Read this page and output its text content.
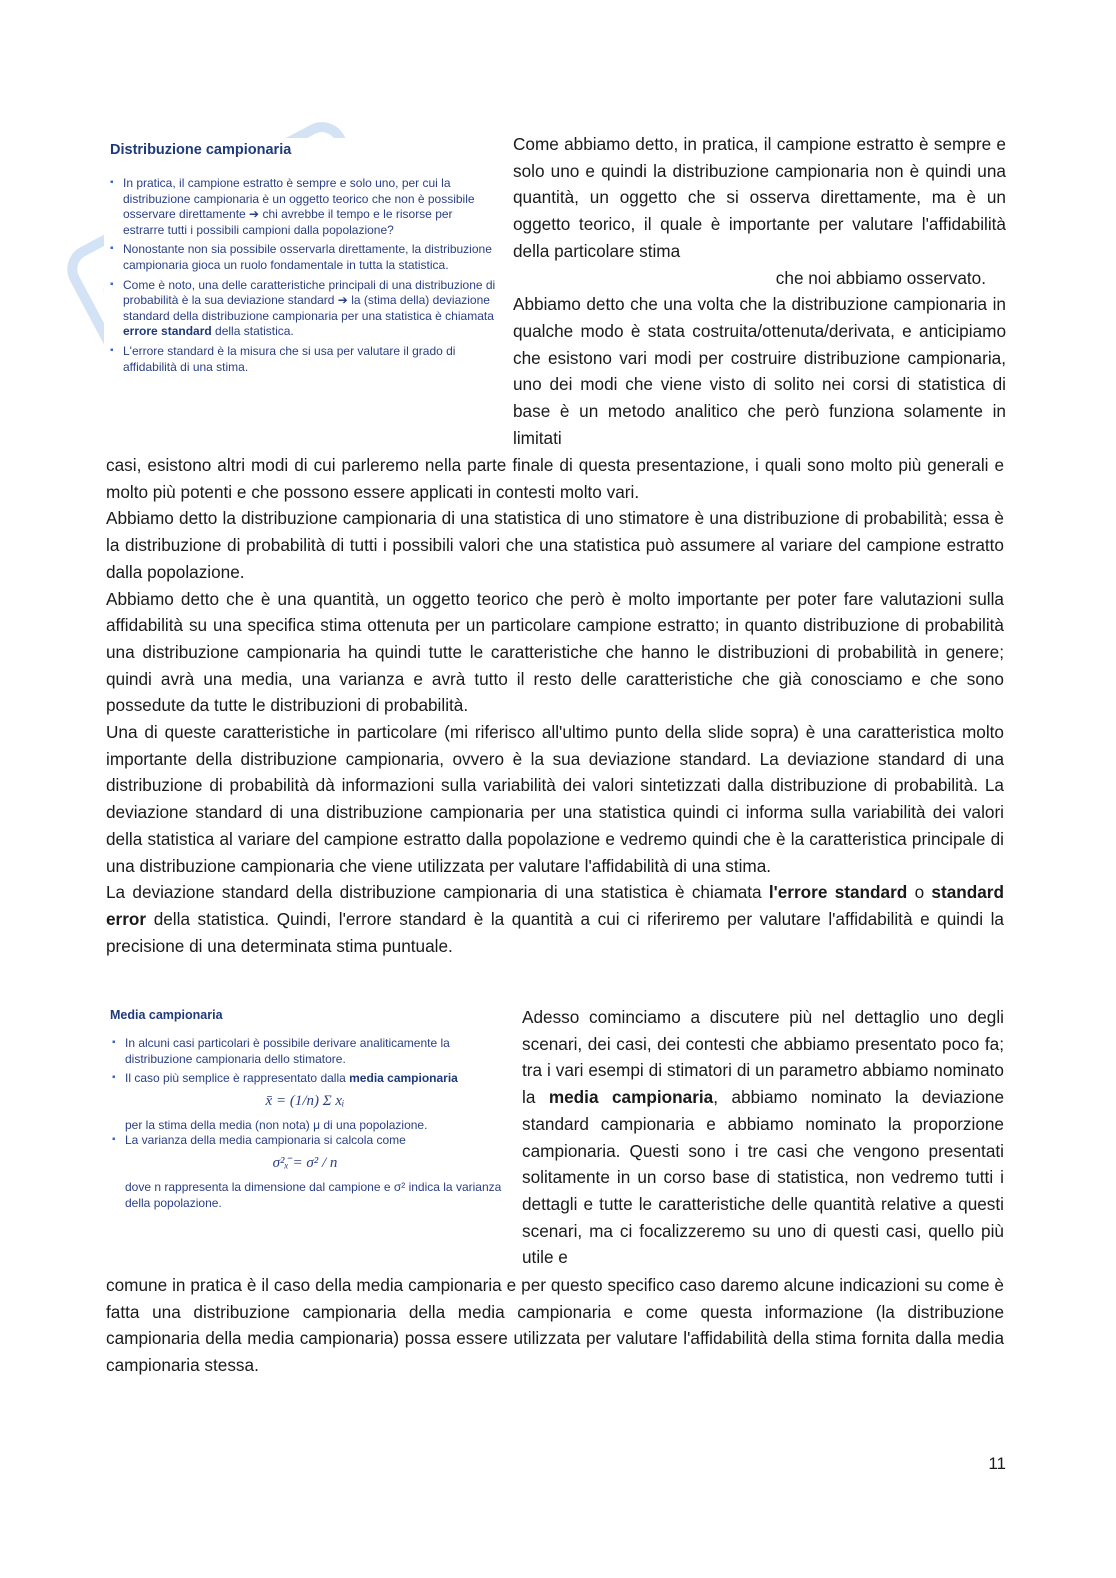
Distribuzione campionaria
▪ In pratica, il campione estratto è sempre e solo uno, per cui la distribuzione campionaria è un oggetto teorico che non è possibile osservare direttamente ➔ chi avrebbe il tempo e le risorse per estrarre tutti i possibili campioni dalla popolazione?
▪ Nonostante non sia possibile osservarla direttamente, la distribuzione campionaria gioca un ruolo fondamentale in tutta la statistica.
▪ Come è noto, una delle caratteristiche principali di una distribuzione di probabilità è la sua deviazione standard ➔ la (stima della) deviazione standard della distribuzione campionaria per una statistica è chiamata errore standard della statistica.
▪ L'errore standard è la misura che si usa per valutare il grado di affidabilità di una stima.

Come abbiamo detto, in pratica, il campione estratto è sempre e solo uno e quindi la distribuzione campionaria non è quindi una quantità, un oggetto che si osserva direttamente, ma è un oggetto teorico, il quale è importante per valutare l'affidabilità della particolare stima

che noi abbiamo osservato.

Abbiamo detto che una volta che la distribuzione campionaria in qualche modo è stata costruita/ottenuta/derivata, e anticipiamo che esistono vari modi per costruire distribuzione campionaria, uno dei modi che viene visto di solito nei corsi di statistica di base è un metodo analitico che però funziona solamente in limitati

casi, esistono altri modi di cui parleremo nella parte finale di questa presentazione, i quali sono molto più generali e molto più potenti e che possono essere applicati in contesti molto vari.

Abbiamo detto la distribuzione campionaria di una statistica di uno stimatore è una distribuzione di probabilità; essa è la distribuzione di probabilità di tutti i possibili valori che una statistica può assumere al variare del campione estratto dalla popolazione.

Abbiamo detto che è una quantità, un oggetto teorico che però è molto importante per poter fare valutazioni sulla affidabilità su una specifica stima ottenuta per un particolare campione estratto; in quanto distribuzione di probabilità una distribuzione campionaria ha quindi tutte le caratteristiche che hanno le distribuzioni di probabilità in genere; quindi avrà una media, una varianza e avrà tutto il resto delle caratteristiche che già conosciamo e che sono possedute da tutte le distribuzioni di probabilità.

Una di queste caratteristiche in particolare (mi riferisco all'ultimo punto della slide sopra) è una caratteristica molto importante della distribuzione campionaria, ovvero è la sua deviazione standard. La deviazione standard di una distribuzione di probabilità dà informazioni sulla variabilità dei valori sintetizzati dalla distribuzione di probabilità. La deviazione standard di una distribuzione campionaria per una statistica quindi ci informa sulla variabilità dei valori della statistica al variare del campione estratto dalla popolazione e vedremo quindi che è la caratteristica principale di una distribuzione campionaria che viene utilizzata per valutare l'affidabilità di una stima.

La deviazione standard della distribuzione campionaria di una statistica è chiamata l'errore standard o standard error della statistica. Quindi, l'errore standard è la quantità a cui ci riferiremo per valutare l'affidabilità e quindi la precisione di una determinata stima puntuale.

Media campionaria
▪ In alcuni casi particolari è possibile derivare analiticamente la distribuzione campionaria dello stimatore.
▪ Il caso più semplice è rappresentato dalla media campionaria
x̄ = (1/n) Σ xᵢ
per la stima della media (non nota) μ di una popolazione.
▪ La varianza della media campionaria si calcola come
σ²ₓ̄ = σ² / n
dove n rappresenta la dimensione dal campione e σ² indica la varianza della popolazione.

Adesso cominciamo a discutere più nel dettaglio uno degli scenari, dei casi, dei contesti che abbiamo presentato poco fa; tra i vari esempi di stimatori di un parametro abbiamo nominato la media campionaria, abbiamo nominato la deviazione standard campionaria e abbiamo nominato la proporzione campionaria. Questi sono i tre casi che vengono presentati solitamente in un corso base di statistica, non vedremo tutti i dettagli e tutte le caratteristiche delle quantità relative a questi scenari, ma ci focalizzeremo su uno di questi casi, quello più utile e

comune in pratica è il caso della media campionaria e per questo specifico caso daremo alcune indicazioni su come è fatta una distribuzione campionaria della media campionaria e come questa informazione (la distribuzione campionaria della media campionaria) possa essere utilizzata per valutare l'affidabilità della stima fornita dalla media campionaria stessa.

11
